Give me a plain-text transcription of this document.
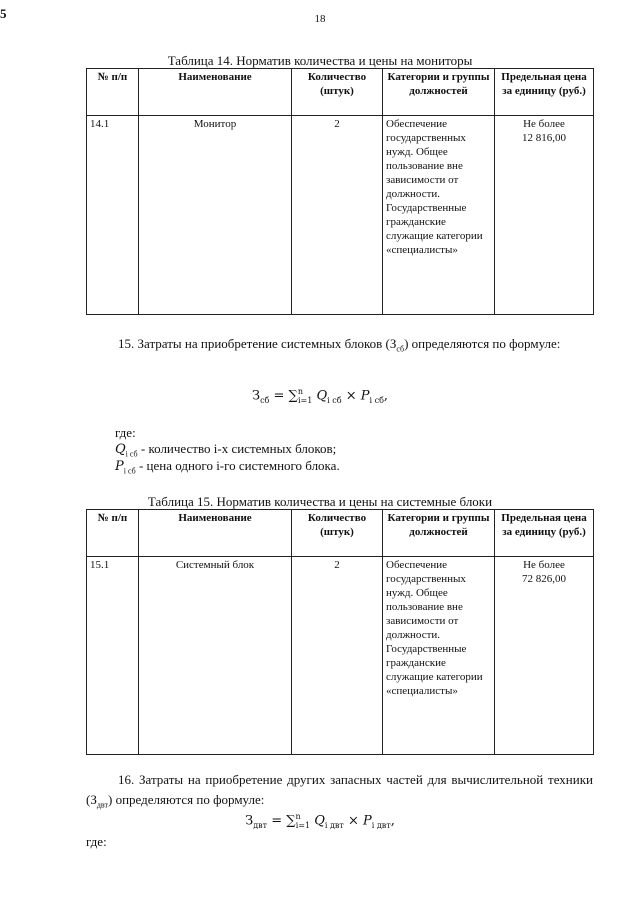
5	18
Таблица 14. Норматив количества и цены на мониторы
№ п/п	Наименование	Количество (штук)	Категории и группы должностей	Предельная цена за единицу (руб.)
14.1	Монитор	2	Обеспечение государственных нужд. Общее пользование вне зависимости от должности. Государственные гражданские служащие категории «специалисты»	Не более
12 816,00
15. Затраты на приобретение системных блоков $(З_{сб})$ определяются по формуле:
$З_{сб} = \sum^n_{i=1}$ $Q_{i сб} \times P_{i сб}$,
где:
$Q_{i сб}$ - количество i-х системных блоков;
$P_{i сб}$ - цена одного i-го системного блока.
Таблица 15. Норматив количества и цены на системные блоки
№ п/п	Наименование	Количество (штук)	Категории и группы должностей	Предельная цена за единицу (руб.)
15.1	Системный блок	2	Обеспечение государственных нужд. Общее пользование вне зависимости от должности. Государственные гражданские служащие категории «специалисты»	Не более
72 826,00
16. Затраты на приобретение других запасных частей для вычислительной техники $(З_{двт})$ определяются по формуле:
$З_{двт} = \sum^n_{i=1}$ $Q_{i двт} \times P_{i двт}$,
где:
